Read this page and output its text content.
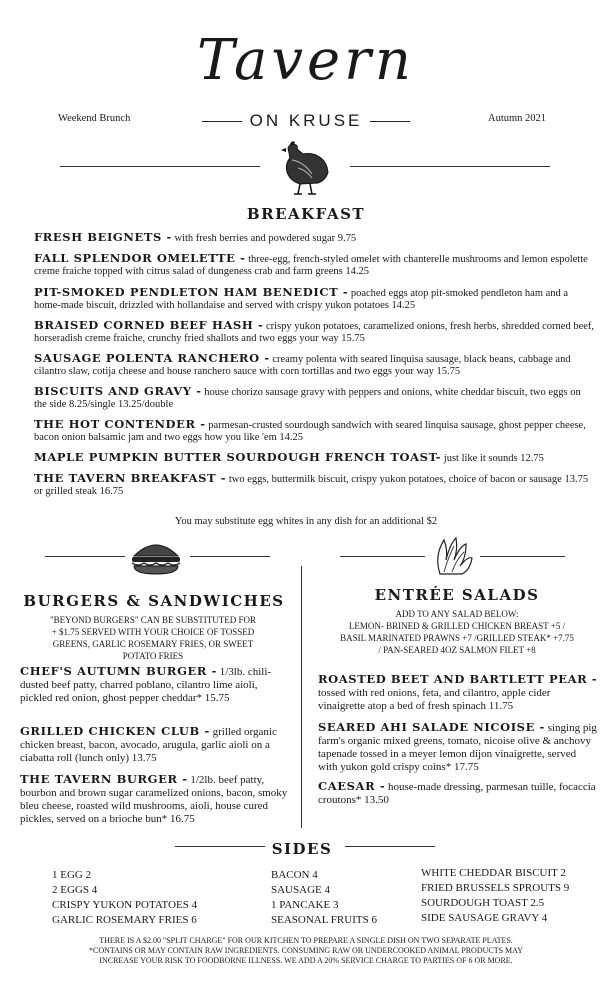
Weekend Brunch	Autumn 2021
Tavern
ON KRUSE
BREAKFAST
FRESH BEIGNETS - with fresh berries and powdered sugar 9.75
FALL SPLENDOR OMELETTE - three-egg, french-styled omelet with chanterelle mushrooms and lemon espolette creme fraiche topped with citrus salad of dungeness crab and farm greens 14.25
PIT-SMOKED PENDLETON HAM BENEDICT - poached eggs atop pit-smoked pendleton ham and a home-made biscuit, drizzled with hollandaise and served with crispy yukon potatoes 14.25
BRAISED CORNED BEEF HASH - crispy yukon potatoes, caramelized onions, fresh herbs, shredded corned beef, horseradish creme fraiche, crunchy fried shallots and two eggs your way 15.75
SAUSAGE POLENTA RANCHERO - creamy polenta with seared linquisa sausage, black beans, cabbage and cilantro slaw, cotija cheese and house ranchero sauce with corn tortillas and two eggs your way 15.75
BISCUITS AND GRAVY - house chorizo sausage gravy with peppers and onions, white cheddar biscuit, two eggs on the side 8.25/single 13.25/double
THE HOT CONTENDER - parmesan-crusted sourdough sandwich with seared linquisa sausage, ghost pepper cheese, bacon onion balsamic jam and two eggs how you like 'em 14.25
MAPLE PUMPKIN BUTTER SOURDOUGH FRENCH TOAST- just like it sounds 12.75
THE TAVERN BREAKFAST - two eggs, buttermilk biscuit, crispy yukon potatoes, choice of bacon or sausage 13.75 or grilled steak 16.75
You may substitute egg whites in any dish for an additional $2
BURGERS & SANDWICHES
"BEYOND BURGERS" CAN BE SUBSTITUTED FOR + $1.75 SERVED WITH YOUR CHOICE OF TOSSED GREENS, GARLIC ROSEMARY FRIES, OR SWEET POTATO FRIES
CHEF'S AUTUMN BURGER - 1/3lb. chili-dusted beef patty, charred poblano, cilantro lime aioli, pickled red onion, ghost pepper cheddar* 15.75
GRILLED CHICKEN CLUB - grilled organic chicken breast, bacon, avocado, arugula, garlic aioli on a ciabatta roll (lunch only) 13.75
THE TAVERN BURGER - 1/2lb. beef patty, bourbon and brown sugar caramelized onions, bacon, smoky bleu cheese, roasted wild mushrooms, aioli, house cured pickles, served on a brioche bun* 16.75
ENTRÉE SALADS
ADD TO ANY SALAD BELOW:
LEMON- BRINED & GRILLED CHICKEN BREAST +5 /
BASIL MARINATED PRAWNS +7 /GRILLED STEAK* +7.75
/ PAN-SEARED 4OZ SALMON FILET +8
ROASTED BEET AND BARTLETT PEAR - tossed with red onions, feta, and cilantro, apple cider vinaigrette atop a bed of fresh spinach 11.75
SEARED AHI SALADE NICOISE - singing pig farm's organic mixed greens, tomato, nicoise olive & anchovy tapenade tossed in a meyer lemon dijon vinaigrette, served with yukon gold crispy coins* 17.75
CAESAR - house-made dressing, parmesan tuille, focaccia croutons* 13.50
SIDES
1 EGG 2
2 EGGS 4
CRISPY YUKON POTATOES 4
GARLIC ROSEMARY FRIES 6
BACON 4
SAUSAGE 4
1 PANCAKE 3
SEASONAL FRUITS 6
WHITE CHEDDAR BISCUIT 2
FRIED BRUSSELS SPROUTS 9
SOURDOUGH TOAST 2.5
SIDE SAUSAGE GRAVY 4
THERE IS A $2.00 "SPLIT CHARGE" FOR OUR KITCHEN TO PREPARE A SINGLE DISH ON TWO SEPARATE PLATES.
*CONTAINS OR MAY CONTAIN RAW INGREDIENTS. CONSUMING RAW OR UNDERCOOKED ANIMAL PRODUCTS MAY
INCREASE YOUR RISK TO FOODBORNE ILLNESS. WE ADD A 20% SERVICE CHARGE TO PARTIES OF 6 OR MORE.
